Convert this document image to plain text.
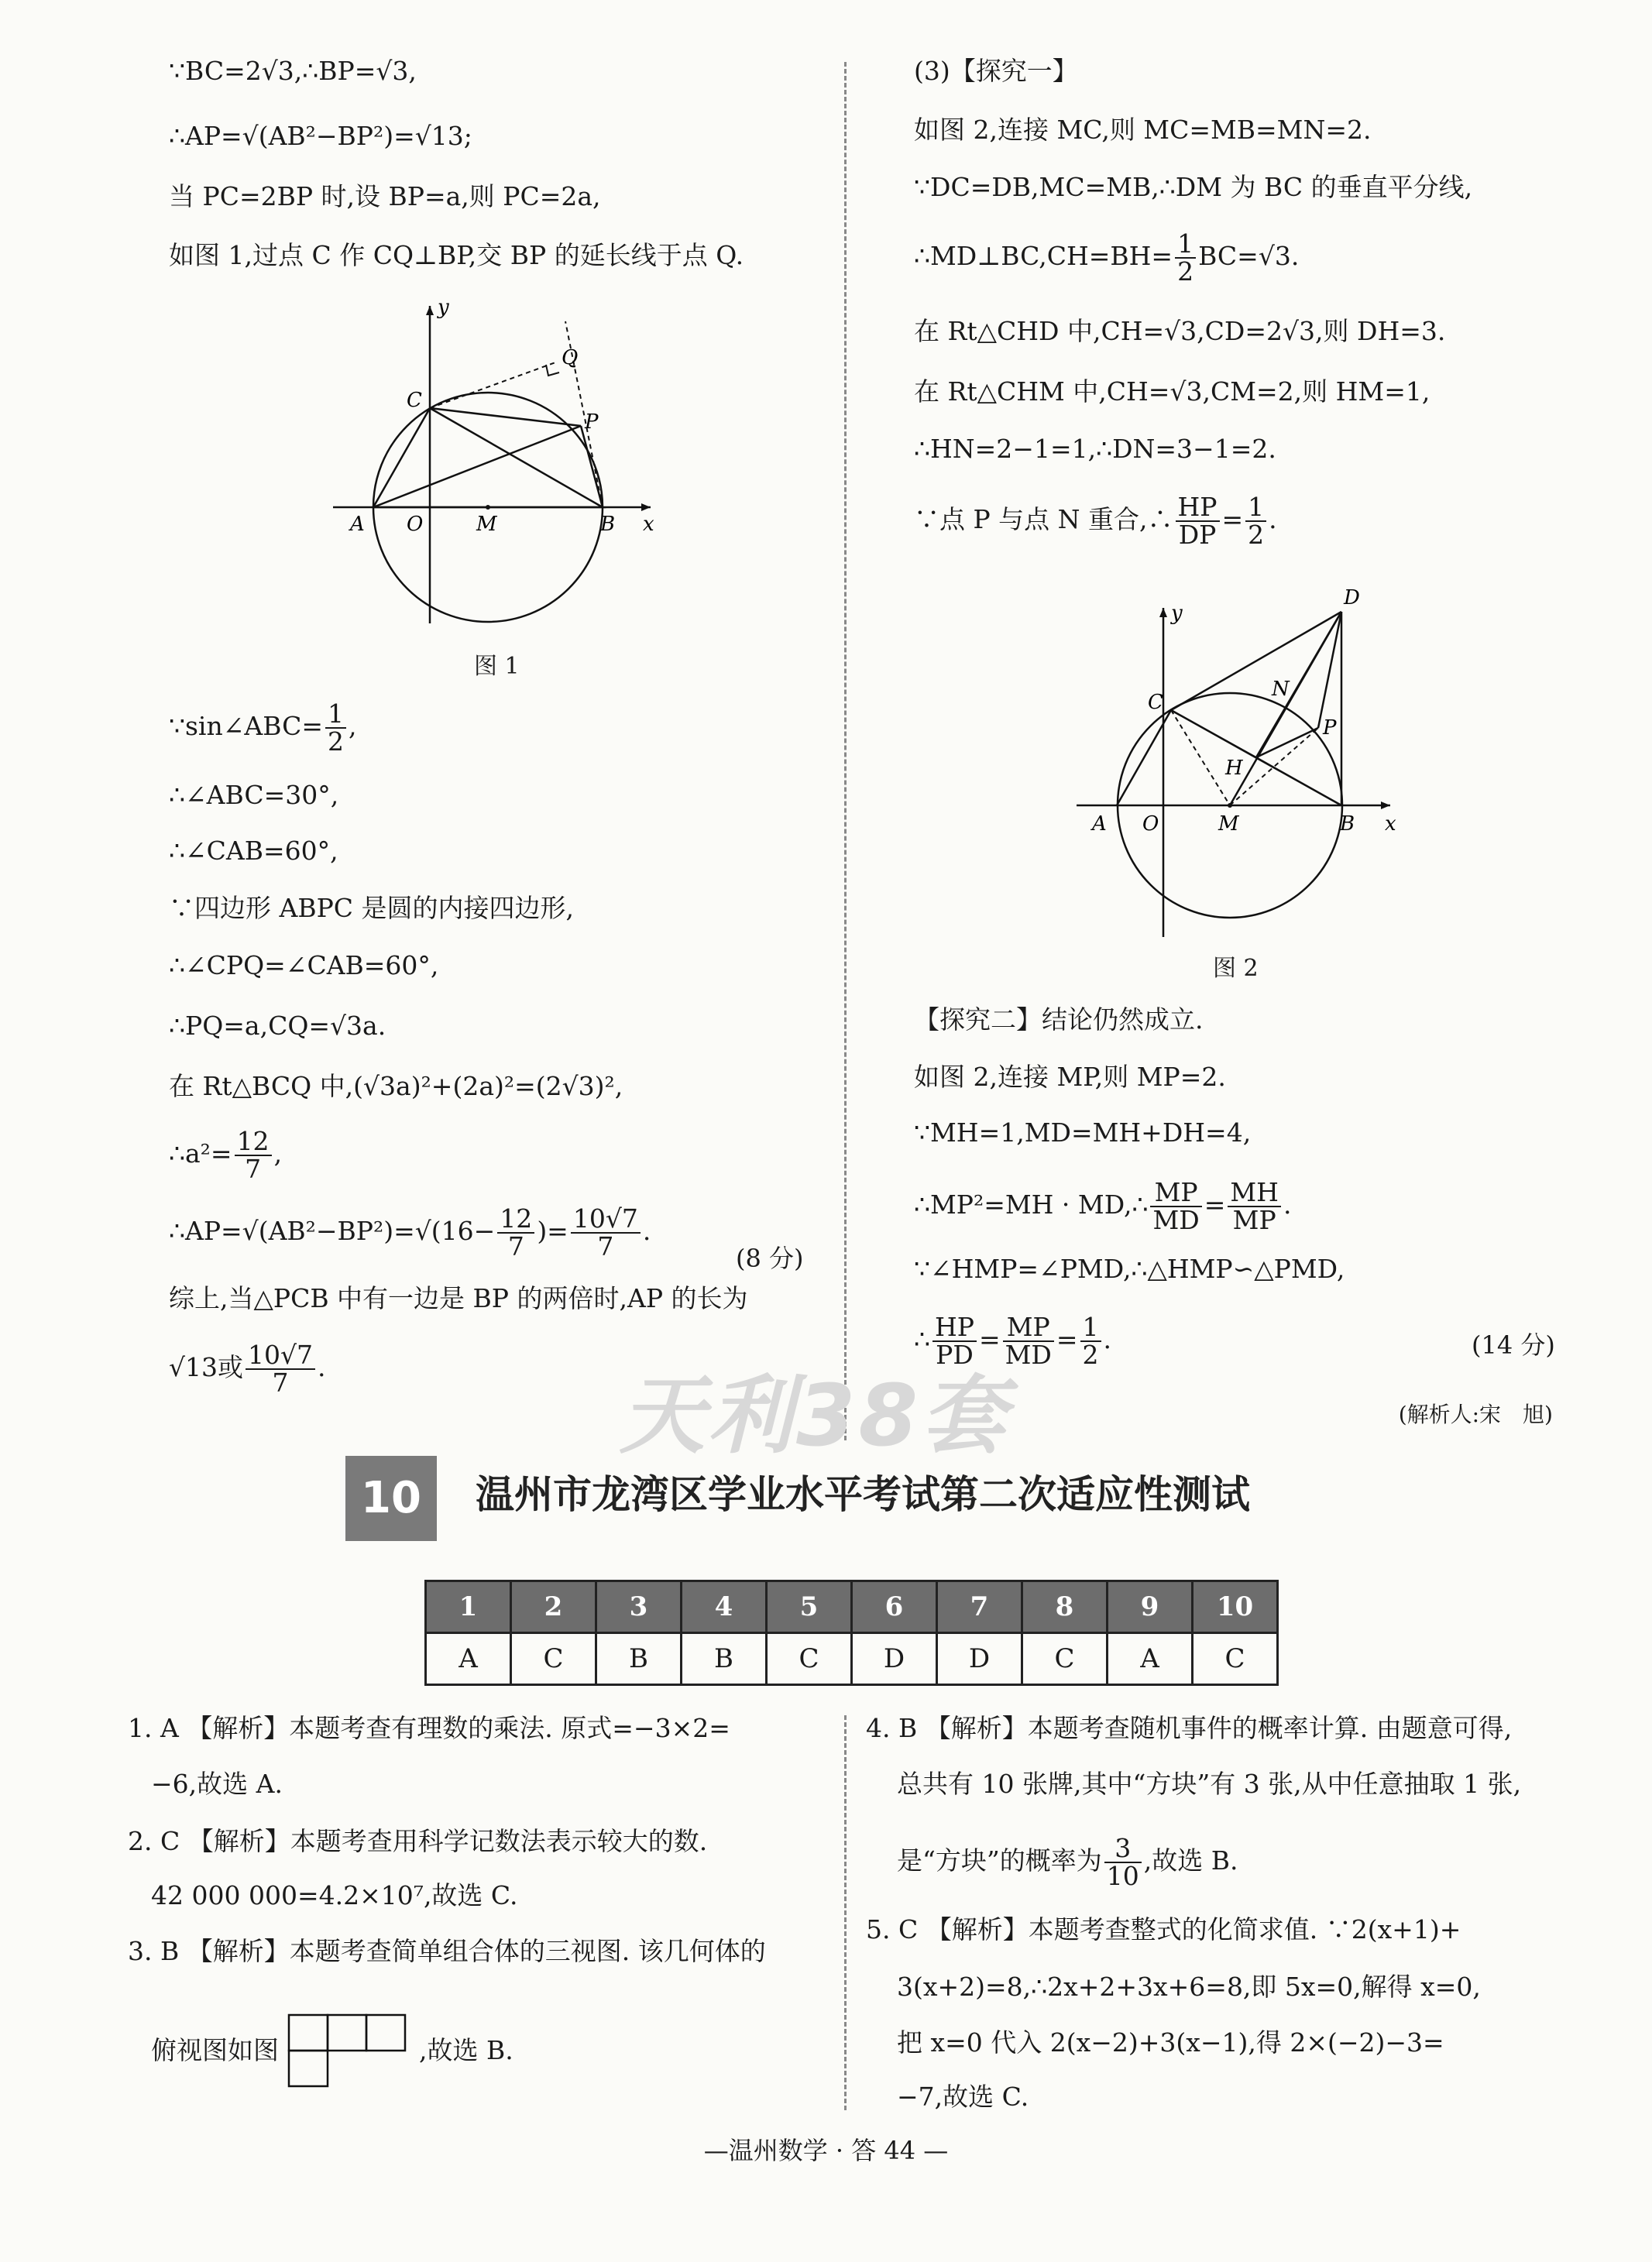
∵BC=2√3,∴BP=√3,
∴AP=√(AB²−BP²)=√13;
当 PC=2BP 时,设 BP=a,则 PC=2a,
如图 1,过点 C 作 CQ⊥BP,交 BP 的延长线于点 Q.
y
x
C
Q
P
A O	M	B
图 1
∵sin∠ABC= $\frac{1}{2}$ ,
∴∠ABC=30°,
∴∠CAB=60°,
∵四边形 ABPC 是圆的内接四边形,
∴∠CPQ=∠CAB=60°,
∴PQ=a,CQ=√3a.
在 Rt△BCQ 中,(√3a)²+(2a)²=(2√3)²,
∴a²= $\frac{12}{7}$ ,
∴AP=√(AB²−BP²)=√(16− $\frac{12}{7}$ )= $\frac{10√7}{7}$ .
综上,当△PCB 中有一边是 BP 的两倍时,AP 的长为
√13或 $\frac{10√7}{7}$ .
(8 分)
(3)【探究一】
如图 2,连接 MC,则 MC=MB=MN=2.
∵DC=DB,MC=MB,∴DM 为 BC 的垂直平分线,
∴MD⊥BC,CH=BH= $\frac{1}{2} BC=√3$.
在 Rt△CHD 中,CH=√3,CD=2√3,则 DH=3.
在 Rt△CHM 中,CH=√3,CM=2,则 HM=1,
∴HN=2−1=1,∴DN=3−1=2.
∵点 P 与点 N 重合,∴ $\frac{HP}{DP} = \frac{1}{2}$ .
y
x
D
C
N
P
H
A O	M	B
图 2
【探究二】结论仍然成立.
如图 2,连接 MP,则 MP=2.
∵MH=1,MD=MH+DH=4,
∴MP²=MH · MD,∴ $\frac{MP}{MD} = \frac{MH}{MP}$ .
∵∠HMP=∠PMD,∴△HMP∽△PMD,
∴ $\frac{HP}{PD} = \frac{MP}{MD} = \frac{1}{2}$ .	(14 分)
(解析人:宋　旭)
天利38套
10	温州市龙湾区学业水平考试第二次适应性测试
1	2	3	4	5	6	7	8	9	10
A	C	B	B	C	D	D	C	A	C
1. A 【解析】本题考查有理数的乘法. 原式=−3×2=
−6,故选 A.
2. C 【解析】本题考查用科学记数法表示较大的数.
42 000 000=4.2×10⁷,故选 C.
3. B 【解析】本题考查简单组合体的三视图. 该几何体的
俯视图如图	,故选 B.
4. B 【解析】本题考查随机事件的概率计算. 由题意可得,
总共有 10 张牌,其中“方块”有 3 张,从中任意抽取 1 张,
是“方块”的概率为 $\frac{3}{10}$ ,故选 B.
5. C 【解析】本题考查整式的化简求值. ∵2(x+1)+
3(x+2)=8,∴2x+2+3x+6=8,即 5x=0,解得 x=0,
把 x=0 代入 2(x−2)+3(x−1),得 2×(−2)−3=
−7,故选 C.
—温州数学 · 答 44 —
